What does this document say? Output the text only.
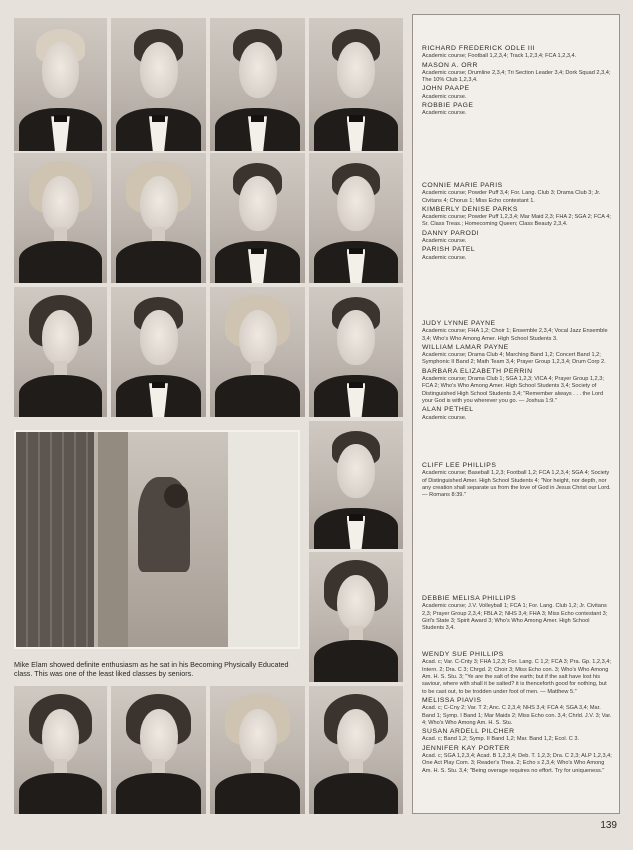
Mike Elam showed definite enthusiasm as he sat in his Becoming Physically Educated class. This was one of the least liked classes by seniors.

RICHARD FREDERICK ODLE III

Academic course; Football 1,2,3,4; Track 1,2,3,4; FCA 1,2,3,4.

MASON A. ORR

Academic course; Drumline 2,3,4; Tri Section Leader 3,4; Dork Squad 2,3,4; The 10% Club 1,2,3,4.

JOHN PAAPE

Academic course.

ROBBIE PAGE

Academic course.

CONNIE MARIE PARIS

Academic course; Powder Puff 3,4; For. Lang. Club 3; Drama Club 3; Jr. Civitans 4; Chorus 1; Miss Echo contestant 1.

KIMBERLY DENISE PARKS

Academic course; Powder Puff 1,2,3,4; Mar Maid 2,3; FHA 2; SGA 2; FCA 4; Sr. Class Treas.; Homecoming Queen; Class Beauty 2,3,4.

DANNY PARODI

Academic course.

PARISH PATEL

Academic course.

JUDY LYNNE PAYNE

Academic course; FHA 1,2; Choir 1; Ensemble 2,3,4; Vocal Jazz Ensemble 3,4; Who's Who Among Amer. High School Students 3.

WILLIAM LAMAR PAYNE

Academic course; Drama Club 4; Marching Band 1,2; Concert Band 1,2; Symphonic II Band 2; Math Team 3,4; Prayer Group 1,2,3,4; Drum Corp 2.

BARBARA ELIZABETH PERRIN

Academic course; Drama Club 1; SGA 1,2,3; VICA 4; Prayer Group 1,2,3; FCA 2; Who's Who Among Amer. High School Students 3,4; Society of Distinguished High School Students 3,4; "Remember always . . . the Lord your God is with you wherever you go. — Joshua 1:9."

ALAN PETHEL

Academic course.

CLIFF LEE PHILLIPS

Academic course; Baseball 1,2,3; Football 1,2; FCA 1,2,3,4; SGA 4; Society of Distinguished Amer. High School Students 4; "Nor height, nor depth, nor any creation shall separate us from the love of God in Jesus Christ our Lord. — Romans 8:39."

DEBBIE MELISA PHILLIPS

Academic course; J.V. Volleyball 1; FCA 1; For. Lang. Club 1,2; Jr. Civitans 2,3; Prayer Group 2,3,4; FBLA 2; NHS 3,4; FHA 3; Miss Echo contestant 3; Girl's State 3; Spirit Award 3; Who's Who Among Amer. High School Students 3,4.

WENDY SUE PHILLIPS

Acad. c; Var. C-Cnty 3; FHA 1,2,3; For. Lang. C 1,2; FCA 3; Pra. Gp. 1,2,3,4; Intern. 2; Dra. C 3; Chrgd. 2; Choir 3; Miss Echo con. 3; Who's Who Among Am. H. S. Stu. 3; "Ye are the salt of the earth; but if the salt have lost his saviour, where with shall it be salted? it is thenceforth good for nothing, but to be cast out, to be trodden under foot of men. — Matthew 5."

MELISSA PIAVIS

Acad. c; C-Cny 2; Var. T 2; Anc. C 2,3,4; NHS 3,4; FCA 4; SGA 3,4; Mar. Band 1; Symp. I Band 1; Mar Maids 2; Miss Echo con. 3,4; Chrld. J.V. 3; Var. 4; Who's Who Among Am. H. S. Stu.

SUSAN ARDELL PILCHER

Acad. c; Band 1,2; Symp. II Band 1,2; Mar. Band 1,2; Ecol. C 3.

JENNIFER KAY PORTER

Acad. c; SGA 1,2,3,4; Acad. B 1,2,3,4; Deb. T. 1,2,3; Dra. C 2,3; ALP 1,2,3,4; One Act Play Com. 3; Reader's Thea. 2; Echo s 2,3,4; Who's Who Among Am. H. S. Stu. 3,4; "Being overage requires no effort. Try for uniqueness."

139
